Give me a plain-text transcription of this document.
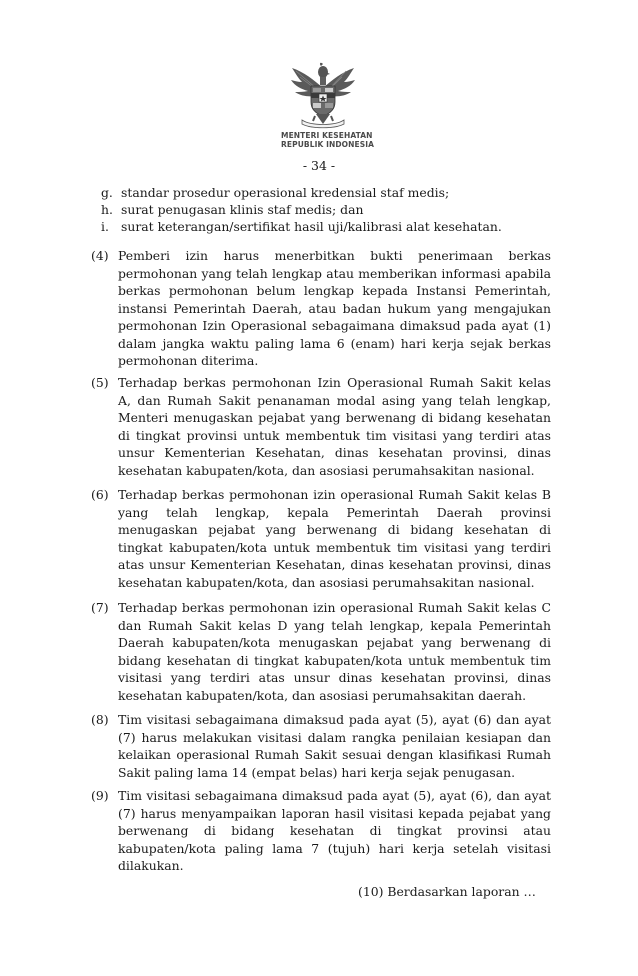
MENTERI KESEHATAN
REPUBLIK INDONESIA
- 34 -
g. standar prosedur operasional kredensial staf medis;
h. surat penugasan klinis staf medis; dan
i. surat keterangan/sertifikat hasil uji/kalibrasi alat kesehatan.
(4) Pemberi izin harus menerbitkan bukti penerimaan berkas permohonan yang telah lengkap atau memberikan informasi apabila berkas permohonan belum lengkap kepada Instansi Pemerintah, instansi Pemerintah Daerah, atau badan hukum yang mengajukan permohonan Izin Operasional sebagaimana dimaksud pada ayat (1) dalam jangka waktu paling lama 6 (enam) hari kerja sejak berkas permohonan diterima.
(5) Terhadap berkas permohonan Izin Operasional Rumah Sakit kelas A, dan Rumah Sakit penanaman modal asing yang telah lengkap, Menteri menugaskan pejabat yang berwenang di bidang kesehatan di tingkat provinsi untuk membentuk tim visitasi yang terdiri atas unsur Kementerian Kesehatan, dinas kesehatan provinsi, dinas kesehatan kabupaten/kota, dan asosiasi perumahsakitan nasional.
(6) Terhadap berkas permohonan izin operasional Rumah Sakit kelas B yang telah lengkap, kepala Pemerintah Daerah provinsi menugaskan pejabat yang berwenang di bidang kesehatan di tingkat kabupaten/kota untuk membentuk tim visitasi yang terdiri atas unsur Kementerian Kesehatan, dinas kesehatan provinsi, dinas kesehatan kabupaten/kota, dan asosiasi perumahsakitan nasional.
(7) Terhadap berkas permohonan izin operasional Rumah Sakit kelas C dan Rumah Sakit kelas D yang telah lengkap, kepala Pemerintah Daerah kabupaten/kota menugaskan pejabat yang berwenang di bidang kesehatan di tingkat kabupaten/kota untuk membentuk tim visitasi yang terdiri atas unsur dinas kesehatan provinsi, dinas kesehatan kabupaten/kota, dan asosiasi perumahsakitan daerah.
(8) Tim visitasi sebagaimana dimaksud pada ayat (5), ayat (6) dan ayat (7) harus melakukan visitasi dalam rangka penilaian kesiapan dan kelaikan operasional Rumah Sakit sesuai dengan klasifikasi Rumah Sakit paling lama 14 (empat belas) hari kerja sejak penugasan.
(9) Tim visitasi sebagaimana dimaksud pada ayat (5), ayat (6), dan ayat (7) harus menyampaikan laporan hasil visitasi kepada pejabat yang berwenang di bidang kesehatan di tingkat provinsi atau kabupaten/kota paling lama 7 (tujuh) hari kerja setelah visitasi dilakukan.
(10) Berdasarkan laporan …
